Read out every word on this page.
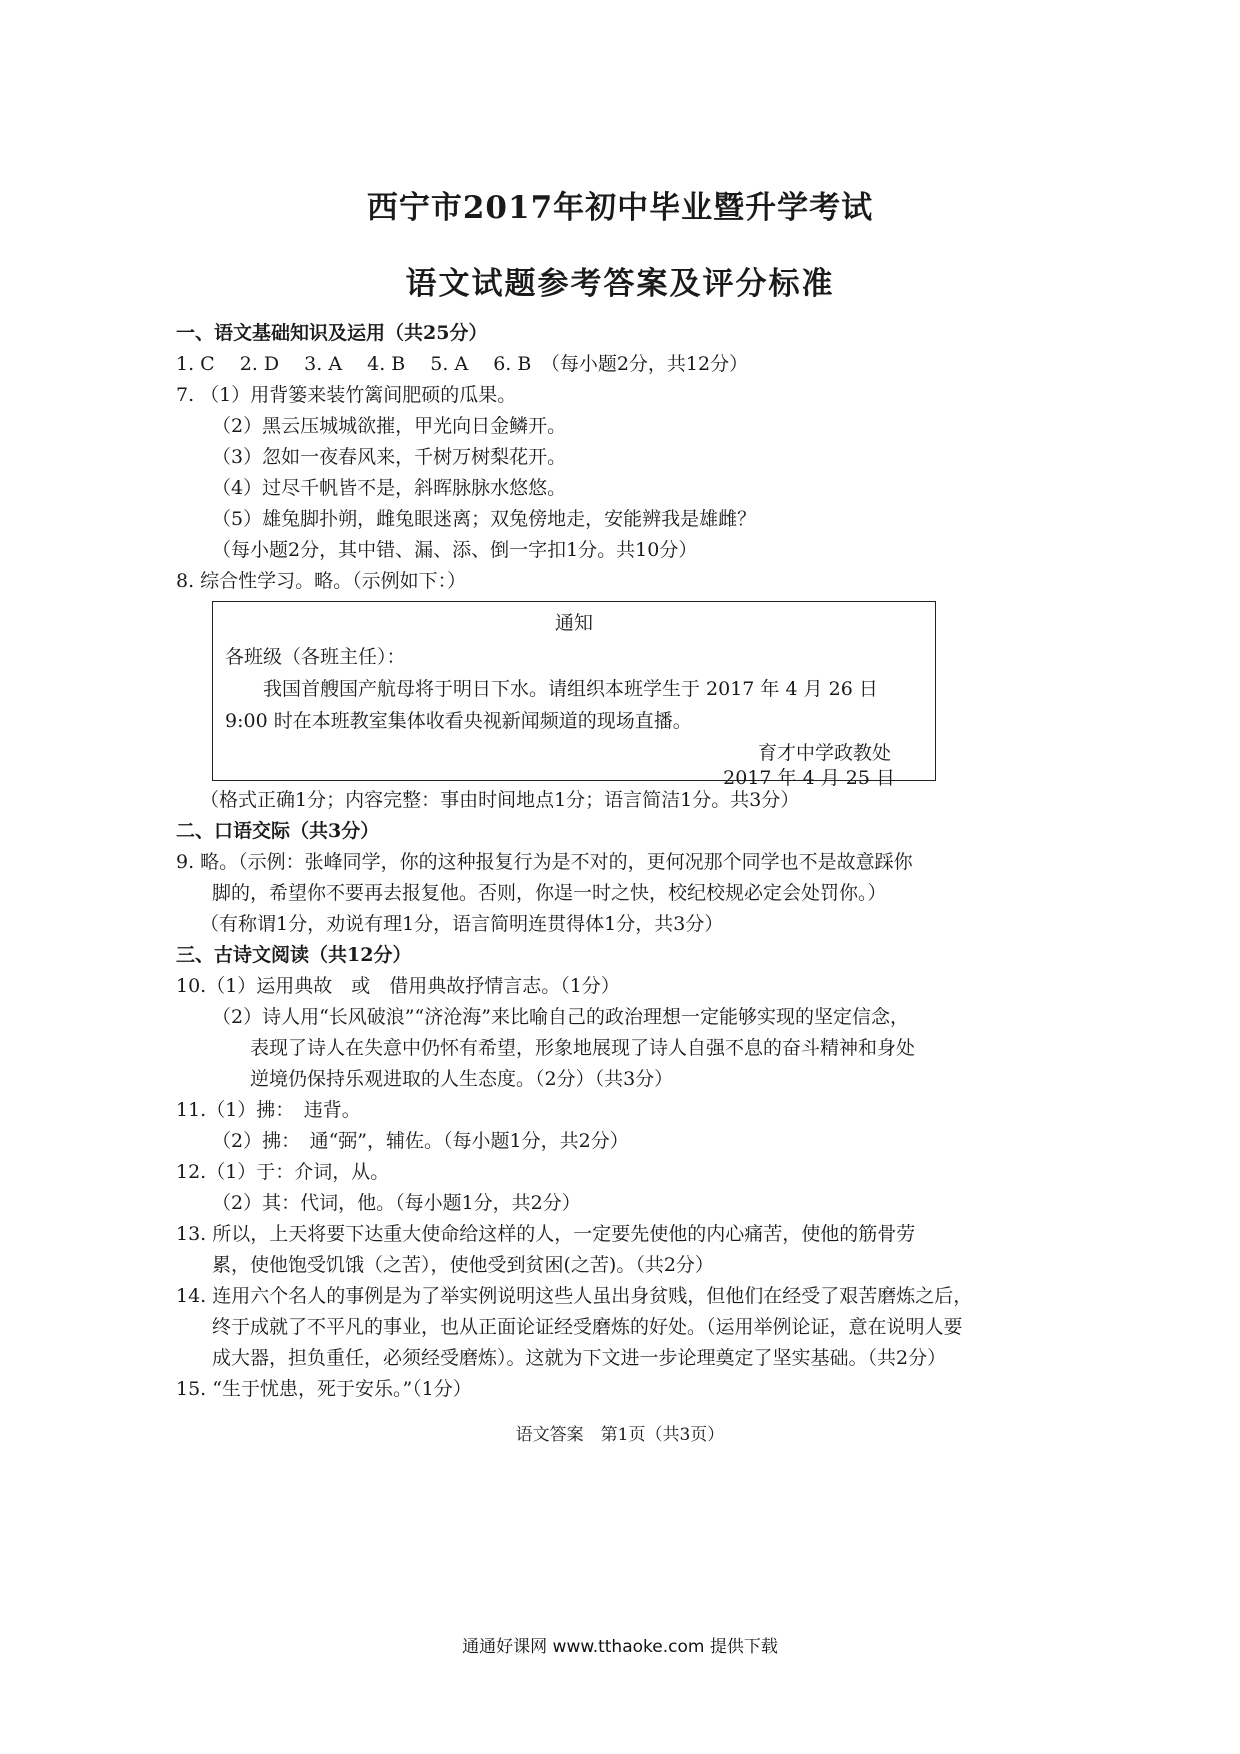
西宁市2017年初中毕业暨升学考试
语文试题参考答案及评分标准
一、语文基础知识及运用（共25分）
1. C　 2. D　 3. A　 4. B　 5. A　 6. B　（每小题2分，共12分）
7. （1）用背篓来装竹篱间肥硕的瓜果。
（2）黑云压城城欲摧，甲光向日金鳞开。
（3）忽如一夜春风来，千树万树梨花开。
（4）过尽千帆皆不是，斜晖脉脉水悠悠。
（5）雄兔脚扑朔，雌兔眼迷离；双兔傍地走，安能辨我是雄雌？
（每小题2分，其中错、漏、添、倒一字扣1分。共10分）
8. 综合性学习。略。（示例如下：）
通知
各班级（各班主任）：
我国首艘国产航母将于明日下水。请组织本班学生于 2017 年 4 月 26 日
9:00 时在本班教室集体收看央视新闻频道的现场直播。
育才中学政教处
2017 年 4 月 25 日
（格式正确1分；内容完整：事由时间地点1分；语言简洁1分。共3分）
二、口语交际（共3分）
9. 略。（示例：张峰同学，你的这种报复行为是不对的，更何况那个同学也不是故意踩你
脚的，希望你不要再去报复他。否则，你逞一时之快，校纪校规必定会处罚你。）
（有称谓1分，劝说有理1分，语言简明连贯得体1分，共3分）
三、古诗文阅读（共12分）
10.（1）运用典故　或　借用典故抒情言志。（1分）
（2）诗人用“长风破浪”“济沧海”来比喻自己的政治理想一定能够实现的坚定信念，
　　表现了诗人在失意中仍怀有希望，形象地展现了诗人自强不息的奋斗精神和身处
　　逆境仍保持乐观进取的人生态度。（2分）（共3分）
11.（1）拂：　违背。
（2）拂：　通“弼”，辅佐。（每小题1分，共2分）
12.（1）于：介词，从。
（2）其：代词，他。（每小题1分，共2分）
13. 所以，上天将要下达重大使命给这样的人，一定要先使他的内心痛苦，使他的筋骨劳
累，使他饱受饥饿（之苦），使他受到贫困(之苦)。（共2分）
14. 连用六个名人的事例是为了举实例说明这些人虽出身贫贱，但他们在经受了艰苦磨炼之后，
终于成就了不平凡的事业，也从正面论证经受磨炼的好处。（运用举例论证，意在说明人要
成大器，担负重任，必须经受磨炼）。这就为下文进一步论理奠定了坚实基础。（共2分）
15. “生于忧患，死于安乐。”（1分）
语文答案　第1页（共3页）
通通好课网 www.tthaoke.com 提供下载
